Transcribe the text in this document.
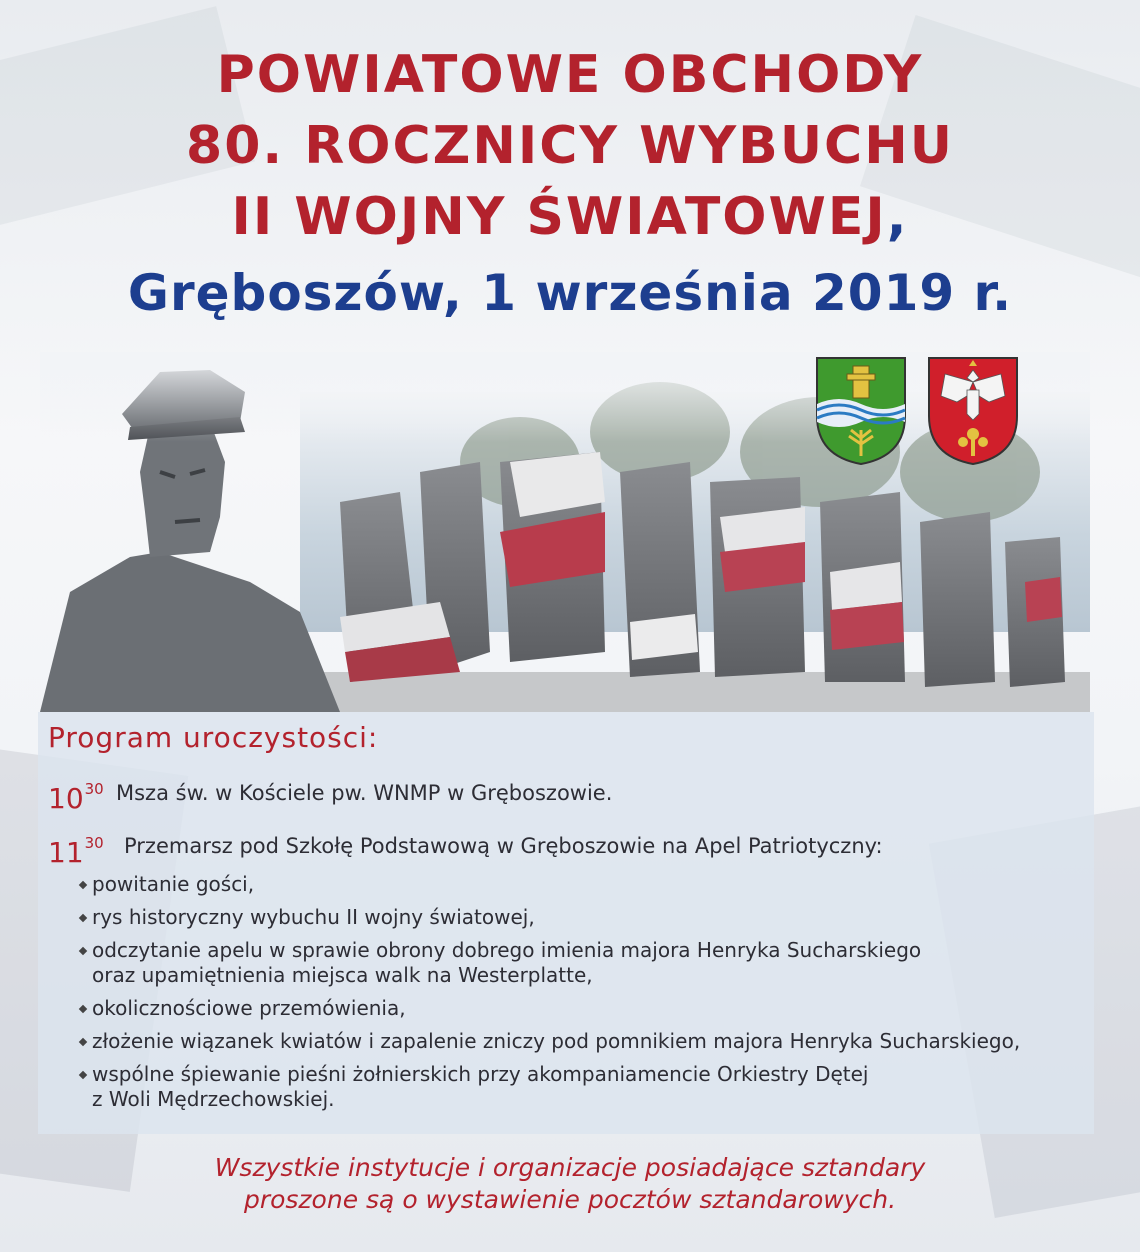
POWIATOWE OBCHODY
80. ROCZNICY WYBUCHU
II WOJNY ŚWIATOWEJ,
Gręboszów, 1 września 2019 r.
Program uroczystości:
$10^{30}$ Msza św. w Kościele pw. WNMP w Gręboszowie.
$11^{30}$ Przemarsz pod Szkołę Podstawową w Gręboszowie na Apel Patriotyczny:
powitanie gości,
rys historyczny wybuchu II wojny światowej,
odczytanie apelu w sprawie obrony dobrego imienia majora Henryka Sucharskiego
oraz upamiętnienia miejsca walk na Westerplatte,
okolicznościowe przemówienia,
złożenie wiązanek kwiatów i zapalenie zniczy pod pomnikiem majora Henryka Sucharskiego,
wspólne śpiewanie pieśni żołnierskich przy akompaniamencie Orkiestry Dętej
z Woli Mędrzechowskiej.
Wszystkie instytucje i organizacje posiadające sztandary
proszone są o wystawienie pocztów sztandarowych.
